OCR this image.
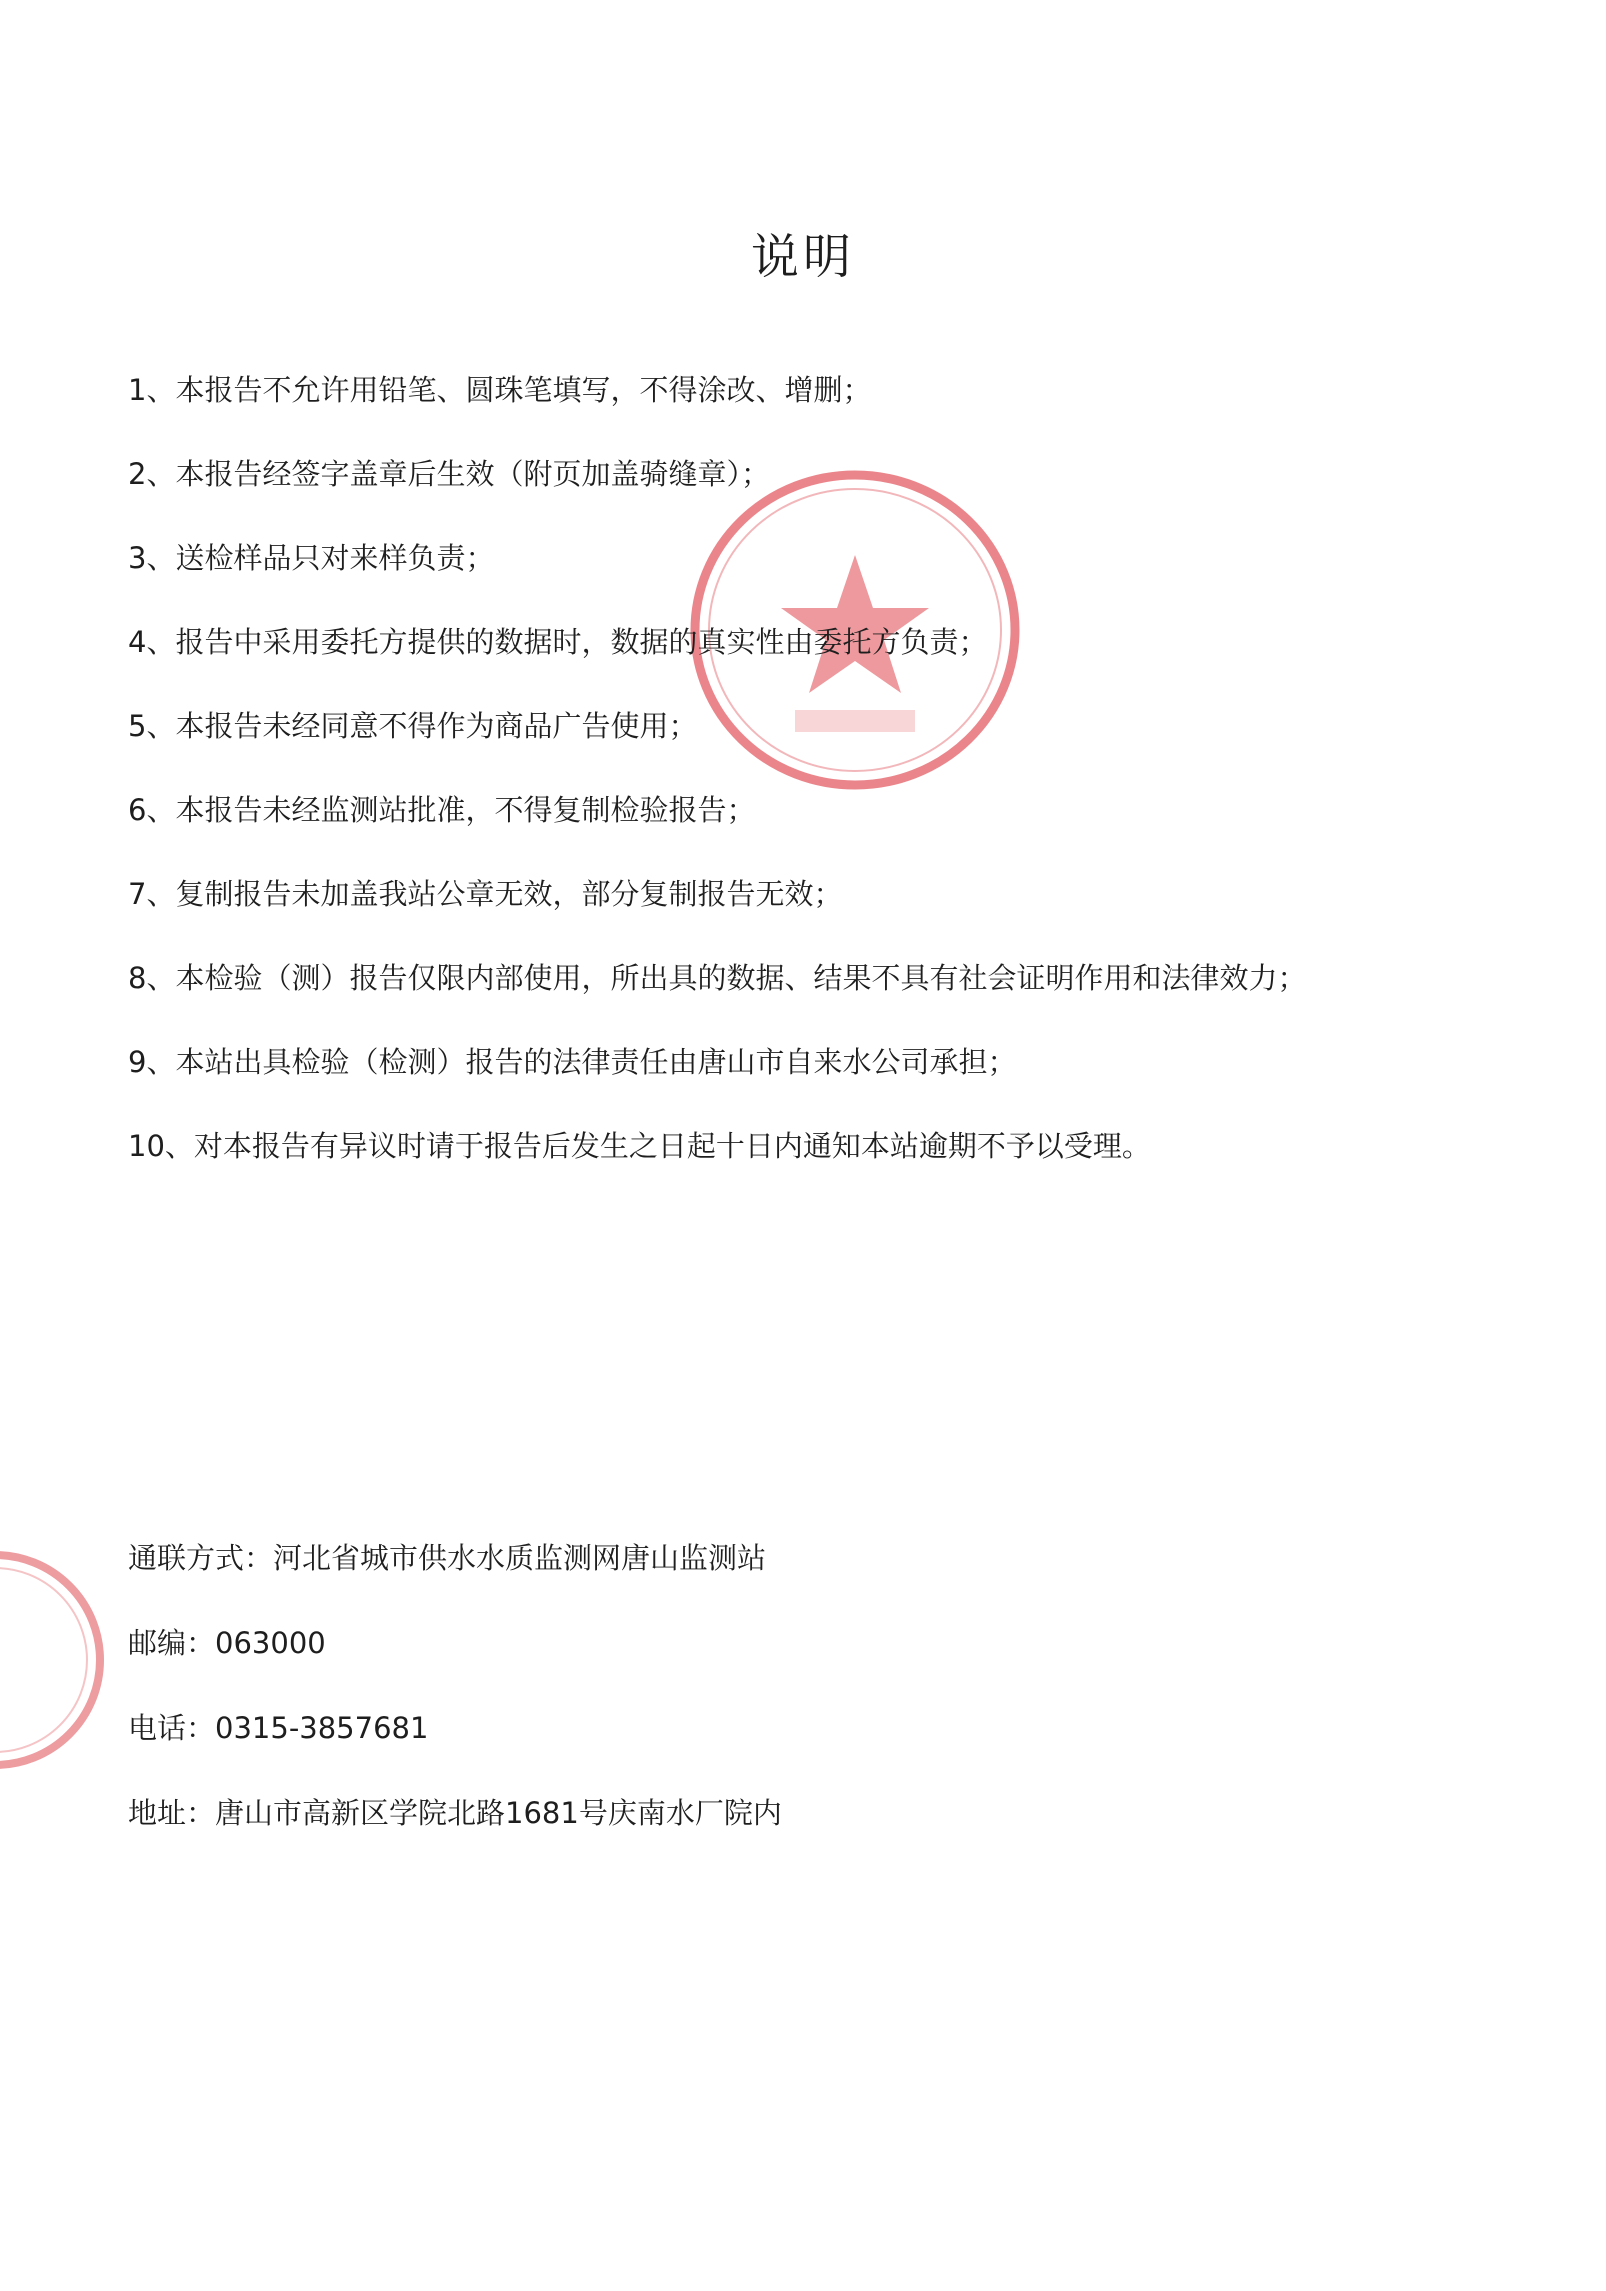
说明
1、本报告不允许用铅笔、圆珠笔填写，不得涂改、增删；
2、本报告经签字盖章后生效（附页加盖骑缝章）；
3、送检样品只对来样负责；
4、报告中采用委托方提供的数据时，数据的真实性由委托方负责；
5、本报告未经同意不得作为商品广告使用；
6、本报告未经监测站批准，不得复制检验报告；
7、复制报告未加盖我站公章无效，部分复制报告无效；
8、本检验（测）报告仅限内部使用，所出具的数据、结果不具有社会证明作用和法律效力；
9、本站出具检验（检测）报告的法律责任由唐山市自来水公司承担；
10、对本报告有异议时请于报告后发生之日起十日内通知本站逾期不予以受理。
通联方式：河北省城市供水水质监测网唐山监测站
邮编：063000
电话：0315-3857681
地址：唐山市高新区学院北路1681号庆南水厂院内
